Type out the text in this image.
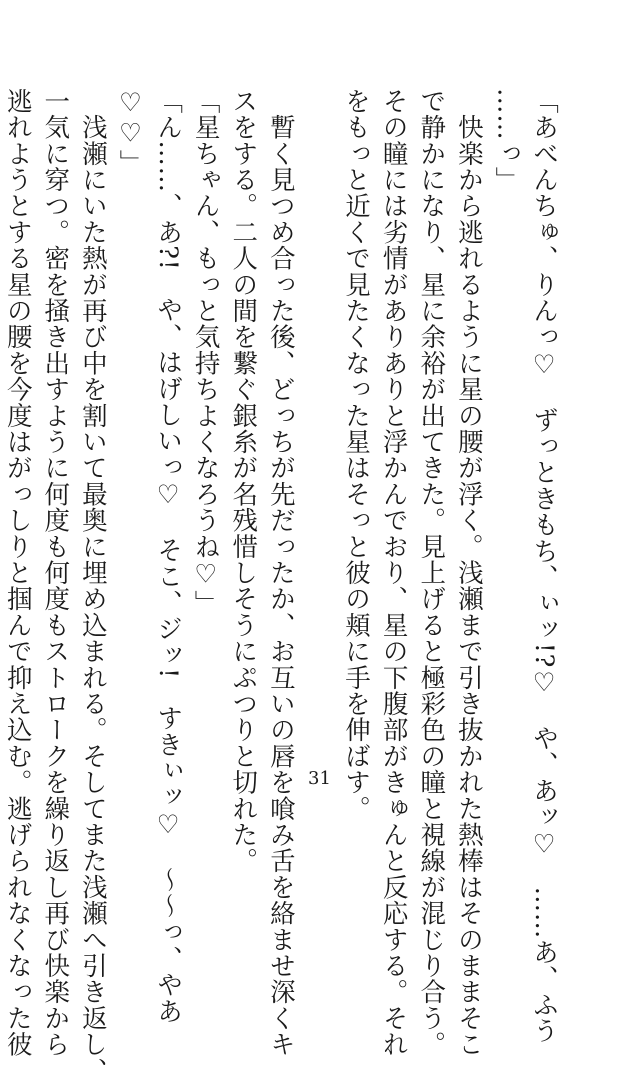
「あべんちゅ、りんっ♡　ずっときもち、ぃッ!?♡　や、あッ♡　……あ、ふう
……っ」
　快楽から逃れるように星の腰が浮く。浅瀬まで引き抜かれた熱棒はそのままそこ
で静かになり、星に余裕が出てきた。見上げると極彩色の瞳と視線が混じり合う。
その瞳には劣情がありありと浮かんでおり、星の下腹部がきゅんと反応する。それ
をもっと近くで見たくなった星はそっと彼の頬に手を伸ばす。
　暫く見つめ合った後、どっちが先だったか、お互いの唇を喰み舌を絡ませ深くキ
スをする。二人の間を繋ぐ銀糸が名残惜しそうにぷつりと切れた。
「星ちゃん、もっと気持ちよくなろうね♡」
「ん……、あ?!　や、はげしいっ♡　そこ、ジッ!　すきぃッ♡　～～っ、やあ
♡♡」
　浅瀬にいた熱が再び中を割いて最奥に埋め込まれる。そしてまた浅瀬へ引き返し、
一気に穿つ。密を掻き出すように何度も何度もストロークを繰り返し再び快楽から
逃れようとする星の腰を今度はがっしりと掴んで抑え込む。逃げられなくなった彼	31
